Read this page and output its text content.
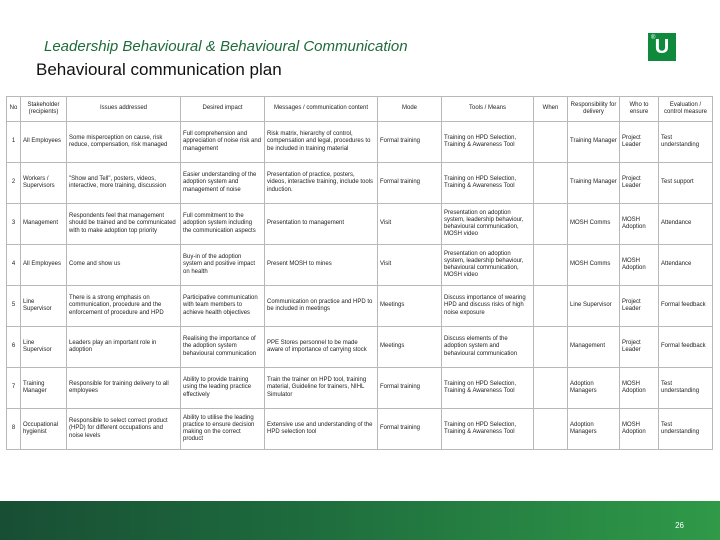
Leadership Behavioural & Behavioural Communication
Behavioural communication plan
® U
No	Stakeholder (recipients)	Issues addressed	Desired impact	Messages / communication content	Mode	Tools / Means	When	Responsibility for delivery	Who to ensure	Evaluation / control measure
1	All Employees	Some misperception on cause, risk reduce, compensation, risk managed	Full comprehension and appreciation of noise risk and management	Risk matrix, hierarchy of control, compensation and legal, procedures to be included in training material	Formal training	Training on HPD Selection, Training & Awareness Tool		Training Manager	Project Leader	Test understanding
2	Workers / Supervisors	"Show and Tell", posters, videos, interactive, more training, discussion	Easier understanding of the adoption system and management of noise	Presentation of practice, posters, videos, interactive training, include tools induction.	Formal training	Training on HPD Selection, Training & Awareness Tool		Training Manager	Project Leader	Test support
3	Management	Respondents feel that management should be trained and be communicated with to make adoption top priority	Full commitment to the adoption system including the communication aspects	Presentation to management	Visit	Presentation on adoption system, leadership behaviour, behavioural communication, MOSH video		MOSH Comms	MOSH Adoption	Attendance
4	All Employees	Come and show us	Buy-in of the adoption system and positive impact on health	Present MOSH to mines	Visit	Presentation on adoption system, leadership behaviour, behavioural communication, MOSH video		MOSH Comms	MOSH Adoption	Attendance
5	Line Supervisor	There is a strong emphasis on communication, procedure and the enforcement of procedure and HPD	Participative communication with team members to achieve health objectives	Communication on practice and HPD to be included in meetings	Meetings	Discuss importance of wearing HPD and discuss risks of high noise exposure		Line Supervisor	Project Leader	Formal feedback
6	Line Supervisor	Leaders play an important role in adoption	Realising the importance of the adoption system behavioural communication	PPE Stores personnel to be made aware of importance of carrying stock	Meetings	Discuss elements of the adoption system and behavioural communication		Management	Project Leader	Formal feedback
7	Training Manager	Responsible for training delivery to all employees	Ability to provide training using the leading practice effectively	Train the trainer on HPD tool, training material, Guideline for trainers, NIHL Simulator	Formal training	Training on HPD Selection, Training & Awareness Tool		Adoption Managers	MOSH Adoption	Test understanding
8	Occupational hygienist	Responsible to select correct product (HPD) for different occupations and noise levels	Ability to utilise the leading practice to ensure decision making on the correct product	Extensive use and understanding of the HPD selection tool	Formal training	Training on HPD Selection, Training & Awareness Tool		Adoption Managers	MOSH Adoption	Test understanding
26
